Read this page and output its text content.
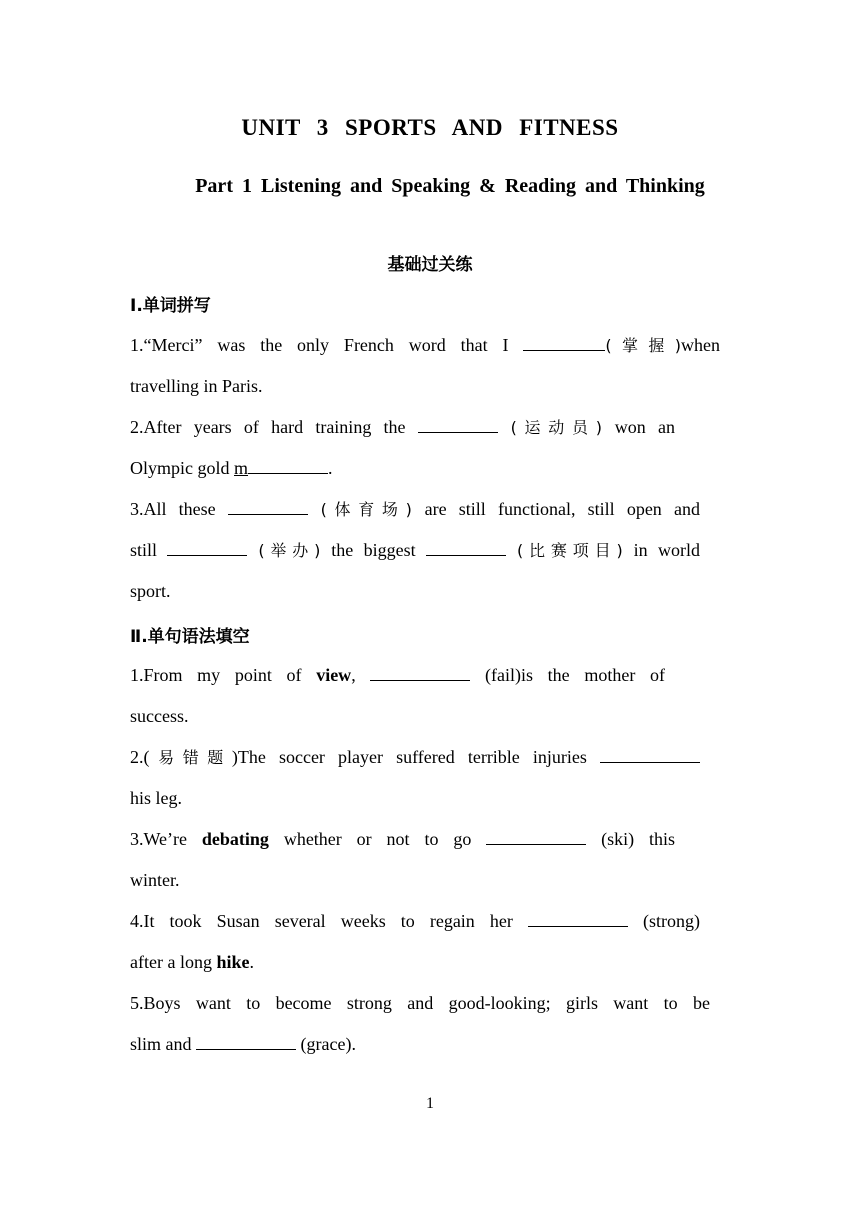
UNIT 3 SPORTS AND FITNESS
Part 1 Listening and Speaking & Reading and Thinking
基础过关练
Ⅰ.单词拼写
1.“Merci” was the only French word that I	(掌握)when
travelling in Paris.
2.After years of hard training the	(运动员) won an
Olympic gold m	.
3.All these	(体育场) are still functional, still open and
still	(举办) the biggest	(比赛项目) in world
sport.
Ⅱ.单句语法填空
1.From my point of view,	(fail)is the mother of
success.
2.(易错题)The soccer player suffered terrible injuries
his leg.
3.We’re debating whether or not to go	(ski) this
winter.
4.It took Susan several weeks to regain her	(strong)
after a long hike.
5.Boys want to become strong and good-looking; girls want to be
slim and	(grace).
1
